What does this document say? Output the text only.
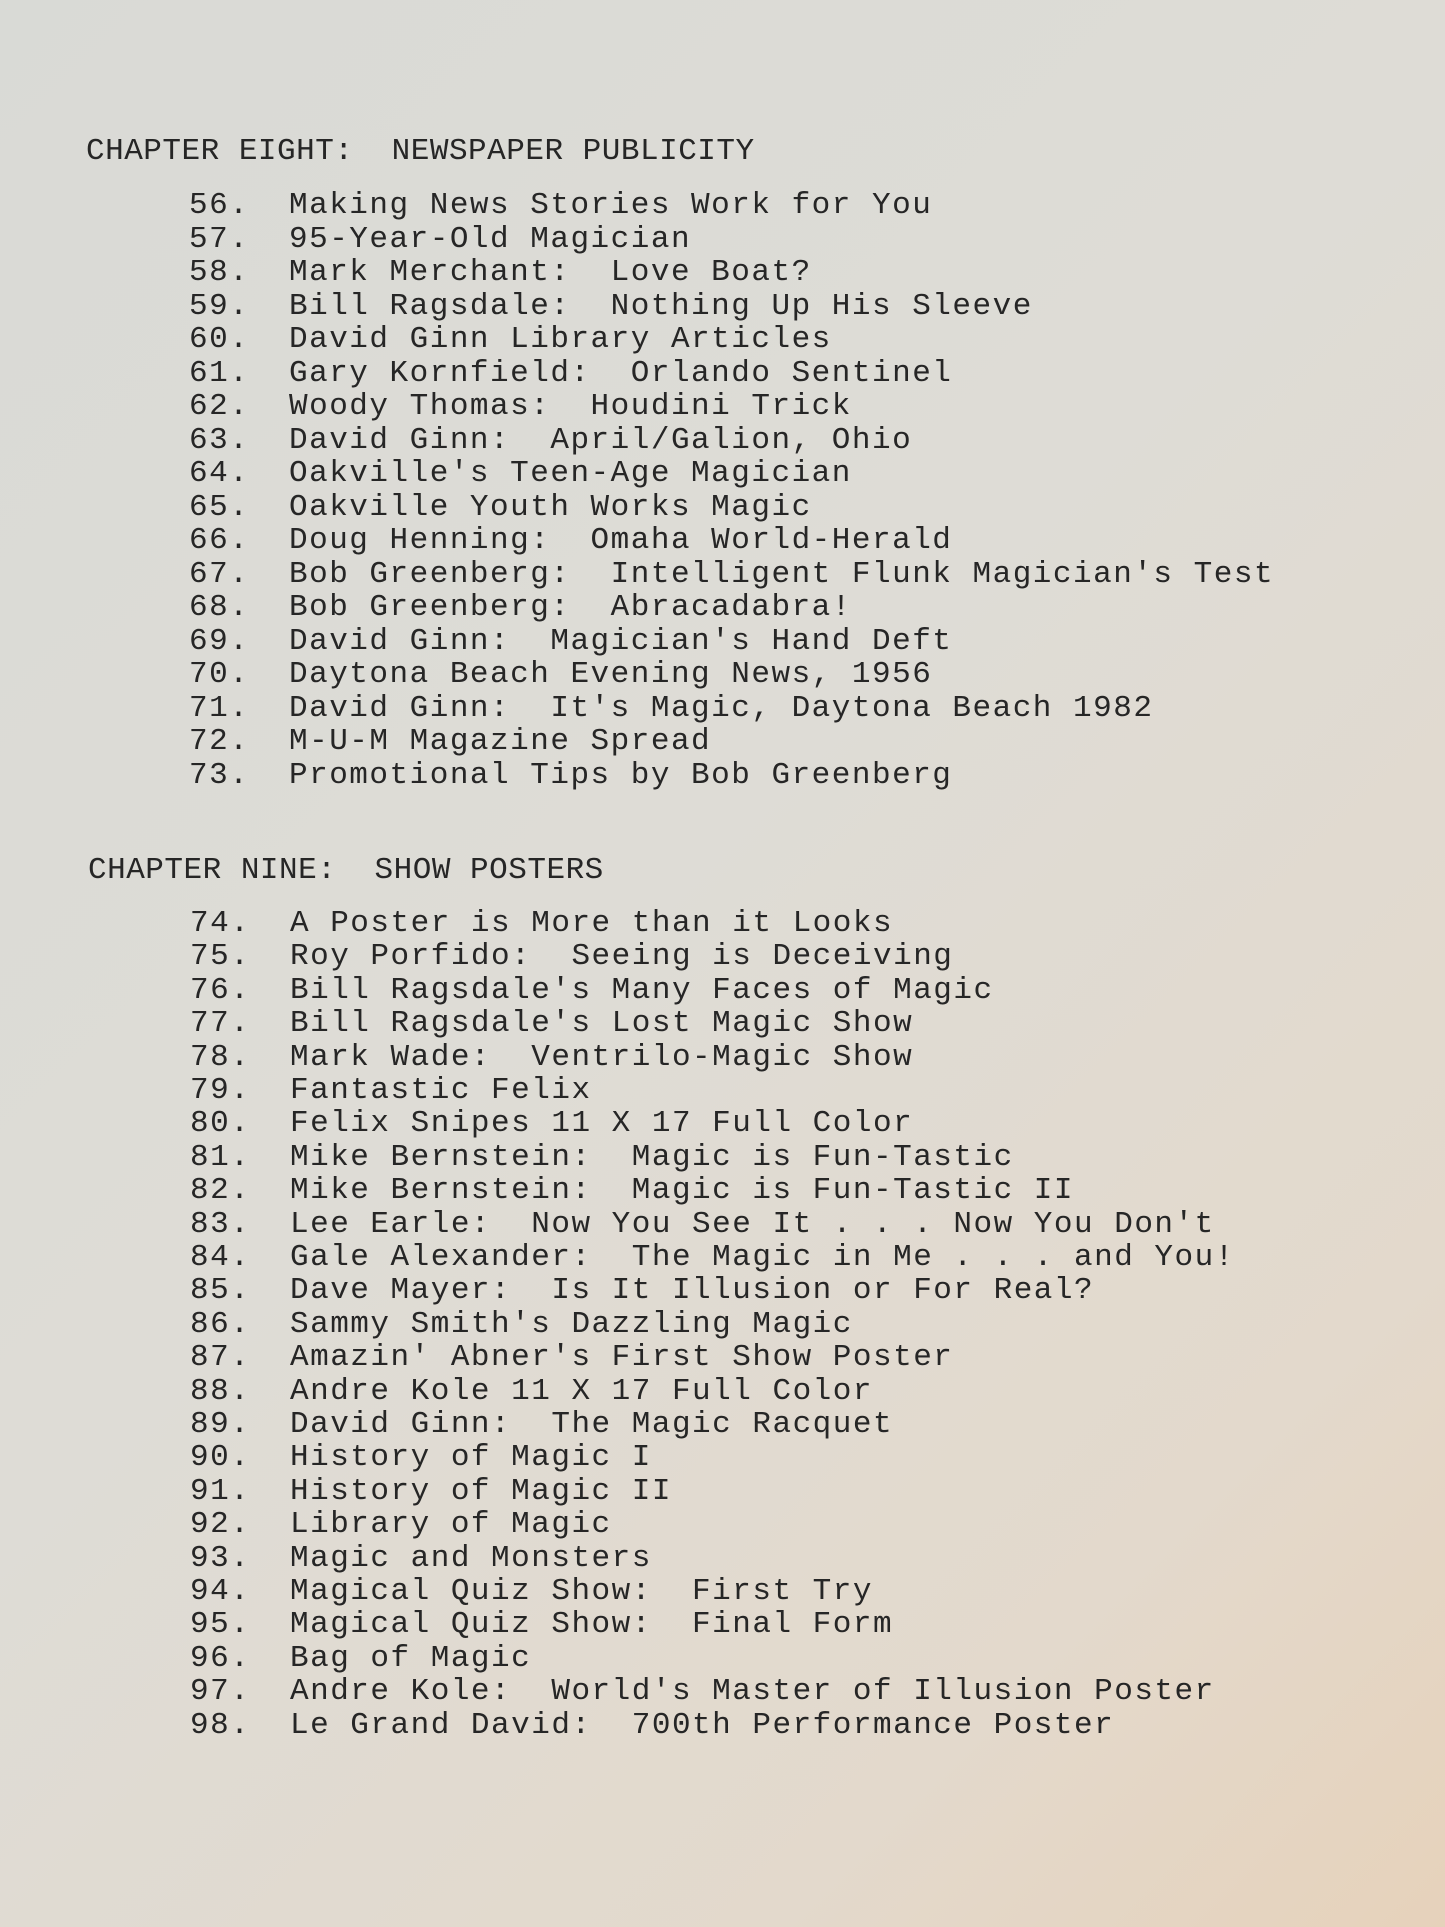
CHAPTER EIGHT:  NEWSPAPER PUBLICITY
56.	Making News Stories Work for You
57.	95-Year-Old Magician
58.	Mark Merchant:  Love Boat?
59.	Bill Ragsdale:  Nothing Up His Sleeve
60.	David Ginn Library Articles
61.	Gary Kornfield:  Orlando Sentinel
62.	Woody Thomas:  Houdini Trick
63.	David Ginn:  April/Galion, Ohio
64.	Oakville's Teen-Age Magician
65.	Oakville Youth Works Magic
66.	Doug Henning:  Omaha World-Herald
67.	Bob Greenberg:  Intelligent Flunk Magician's Test
68.	Bob Greenberg:  Abracadabra!
69.	David Ginn:  Magician's Hand Deft
70.	Daytona Beach Evening News, 1956
71.	David Ginn:  It's Magic, Daytona Beach 1982
72.	M-U-M Magazine Spread
73.	Promotional Tips by Bob Greenberg
CHAPTER NINE:  SHOW POSTERS
74.	A Poster is More than it Looks
75.	Roy Porfido:  Seeing is Deceiving
76.	Bill Ragsdale's Many Faces of Magic
77.	Bill Ragsdale's Lost Magic Show
78.	Mark Wade:  Ventrilo-Magic Show
79.	Fantastic Felix
80.	Felix Snipes 11 X 17 Full Color
81.	Mike Bernstein:  Magic is Fun-Tastic
82.	Mike Bernstein:  Magic is Fun-Tastic II
83.	Lee Earle:  Now You See It . . . Now You Don't
84.	Gale Alexander:  The Magic in Me . . . and You!
85.	Dave Mayer:  Is It Illusion or For Real?
86.	Sammy Smith's Dazzling Magic
87.	Amazin' Abner's First Show Poster
88.	Andre Kole 11 X 17 Full Color
89.	David Ginn:  The Magic Racquet
90.	History of Magic I
91.	History of Magic II
92.	Library of Magic
93.	Magic and Monsters
94.	Magical Quiz Show:  First Try
95.	Magical Quiz Show:  Final Form
96.	Bag of Magic
97.	Andre Kole:  World's Master of Illusion Poster
98.	Le Grand David:  700th Performance Poster
